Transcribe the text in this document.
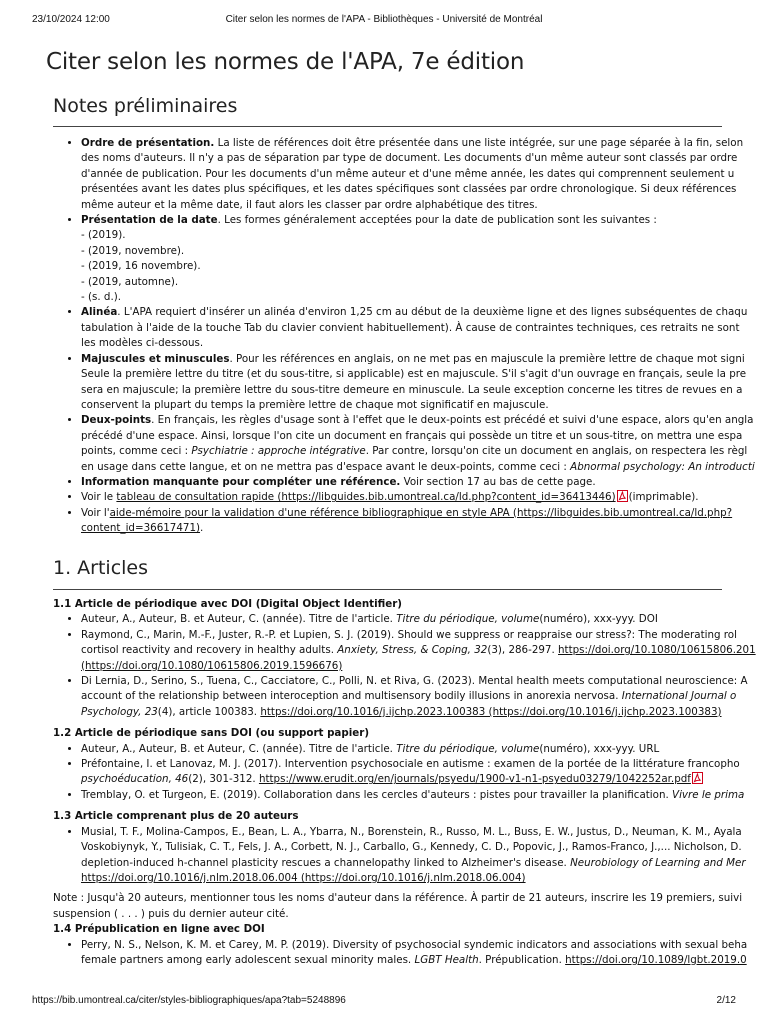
23/10/2024 12:00	Citer selon les normes de l'APA - Bibliothèques - Université de Montréal
Citer selon les normes de l'APA, 7e édition
Notes préliminaires
• Ordre de présentation. La liste de références doit être présentée dans une liste intégrée, sur une page séparée à la fin, selon
des noms d'auteurs. Il n'y a pas de séparation par type de document. Les documents d'un même auteur sont classés par ordre
d'année de publication. Pour les documents d'un même auteur et d'une même année, les dates qui comprennent seulement u
présentées avant les dates plus spécifiques, et les dates spécifiques sont classées par ordre chronologique. Si deux références
même auteur et la même date, il faut alors les classer par ordre alphabétique des titres.
• Présentation de la date. Les formes généralement acceptées pour la date de publication sont les suivantes :
- (2019).
- (2019, novembre).
- (2019, 16 novembre).
- (2019, automne).
- (s. d.).
• Alinéa. L'APA requiert d'insérer un alinéa d'environ 1,25 cm au début de la deuxième ligne et des lignes subséquentes de chaqu
tabulation à l'aide de la touche Tab du clavier convient habituellement). À cause de contraintes techniques, ces retraits ne sont
les modèles ci-dessous.
• Majuscules et minuscules. Pour les références en anglais, on ne met pas en majuscule la première lettre de chaque mot signi
Seule la première lettre du titre (et du sous-titre, si applicable) est en majuscule. S'il s'agit d'un ouvrage en français, seule la pre
sera en majuscule; la première lettre du sous-titre demeure en minuscule. La seule exception concerne les titres de revues en a
conservent la plupart du temps la première lettre de chaque mot significatif en majuscule.
• Deux-points. En français, les règles d'usage sont à l'effet que le deux-points est précédé et suivi d'une espace, alors qu'en angla
précédé d'une espace. Ainsi, lorsque l'on cite un document en français qui possède un titre et un sous-titre, on mettra une espa
points, comme ceci : Psychiatrie : approche intégrative. Par contre, lorsqu'on cite un document en anglais, on respectera les règl
en usage dans cette langue, et on ne mettra pas d'espace avant le deux-points, comme ceci : Abnormal psychology: An introducti
• Information manquante pour compléter une référence. Voir section 17 au bas de cette page.
• Voir le tableau de consultation rapide (https://libguides.bib.umontreal.ca/ld.php?content_id=36413446) (imprimable).
• Voir l'aide-mémoire pour la validation d'une référence bibliographique en style APA (https://libguides.bib.umontreal.ca/ld.php?
content_id=36617471).
1. Articles

1.1 Article de périodique avec DOI (Digital Object Identifier)

• Auteur, A., Auteur, B. et Auteur, C. (année). Titre de l'article. Titre du périodique, volume(numéro), xxx-yyy. DOI
• Raymond, C., Marin, M.-F., Juster, R.-P. et Lupien, S. J. (2019). Should we suppress or reappraise our stress?: The moderating rol
cortisol reactivity and recovery in healthy adults. Anxiety, Stress, & Coping, 32(3), 286-297. https://doi.org/10.1080/10615806.201
(https://doi.org/10.1080/10615806.2019.1596676)
• Di Lernia, D., Serino, S., Tuena, C., Cacciatore, C., Polli, N. et Riva, G. (2023). Mental health meets computational neuroscience: A
account of the relationship between interoception and multisensory bodily illusions in anorexia nervosa. International Journal o
Psychology, 23(4), article 100383. https://doi.org/10.1016/j.ijchp.2023.100383 (https://doi.org/10.1016/j.ijchp.2023.100383)

1.2 Article de périodique sans DOI (ou support papier)

• Auteur, A., Auteur, B. et Auteur, C. (année). Titre de l'article. Titre du périodique, volume(numéro), xxx-yyy. URL
• Préfontaine, I. et Lanovaz, M. J. (2017). Intervention psychosociale en autisme : examen de la portée de la littérature francopho
psychoéducation, 46(2), 301-312. https://www.erudit.org/en/journals/psyedu/1900-v1-n1-psyedu03279/1042252ar.pdf
• Tremblay, O. et Turgeon, E. (2019). Collaboration dans les cercles d'auteurs : pistes pour travailler la planification. Vivre le prima

1.3 Article comprenant plus de 20 auteurs

• Musial, T. F., Molina-Campos, E., Bean, L. A., Ybarra, N., Borenstein, R., Russo, M. L., Buss, E. W., Justus, D., Neuman, K. M., Ayala
Voskobiynyk, Y., Tulisiak, C. T., Fels, J. A., Corbett, N. J., Carballo, G., Kennedy, C. D., Popovic, J., Ramos-Franco, J.,... Nicholson, D.
depletion-induced h-channel plasticity rescues a channelopathy linked to Alzheimer's disease. Neurobiology of Learning and Mer
https://doi.org/10.1016/j.nlm.2018.06.004 (https://doi.org/10.1016/j.nlm.2018.06.004)
Note : Jusqu'à 20 auteurs, mentionner tous les noms d'auteur dans la référence. À partir de 21 auteurs, inscrire les 19 premiers, suivi
suspension ( . . . ) puis du dernier auteur cité.

1.4 Prépublication en ligne avec DOI

• Perry, N. S., Nelson, K. M. et Carey, M. P. (2019). Diversity of psychosocial syndemic indicators and associations with sexual beha
female partners among early adolescent sexual minority males. LGBT Health. Prépublication. https://doi.org/10.1089/lgbt.2019.0
https://bib.umontreal.ca/citer/styles-bibliographiques/apa?tab=5248896	2/12
